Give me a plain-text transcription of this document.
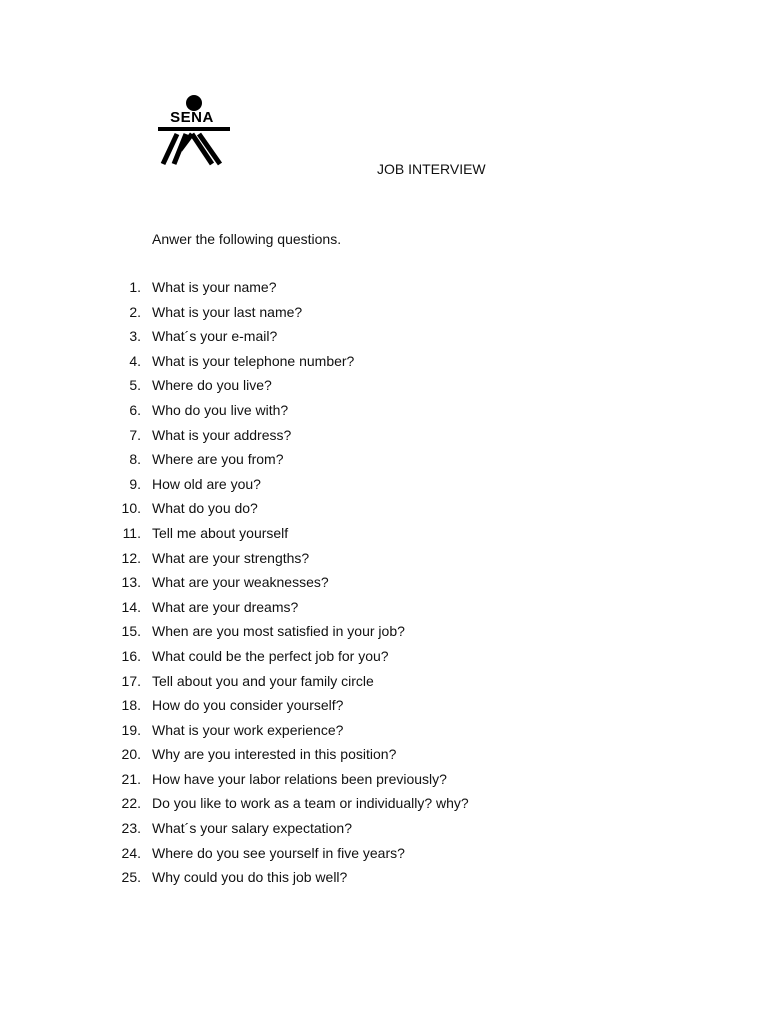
SENA
JOB INTERVIEW
Anwer the following questions.
1. What is your name?
2. What is your last name?
3. What´s your e-mail?
4. What is your telephone number?
5. Where do you live?
6. Who do you live with?
7. What is your address?
8. Where are you from?
9. How old are you?
10. What do you do?
11. Tell me about yourself
12. What are your strengths?
13. What are your weaknesses?
14. What are your dreams?
15. When are you most satisfied in your job?
16. What could be the perfect job for you?
17. Tell about you and your family circle
18. How do you consider yourself?
19. What is your work experience?
20. Why are you interested in this position?
21. How have your labor relations been previously?
22. Do you like to work as a team or individually? why?
23. What´s your salary expectation?
24. Where do you see yourself in five years?
25. Why could you do this job well?
